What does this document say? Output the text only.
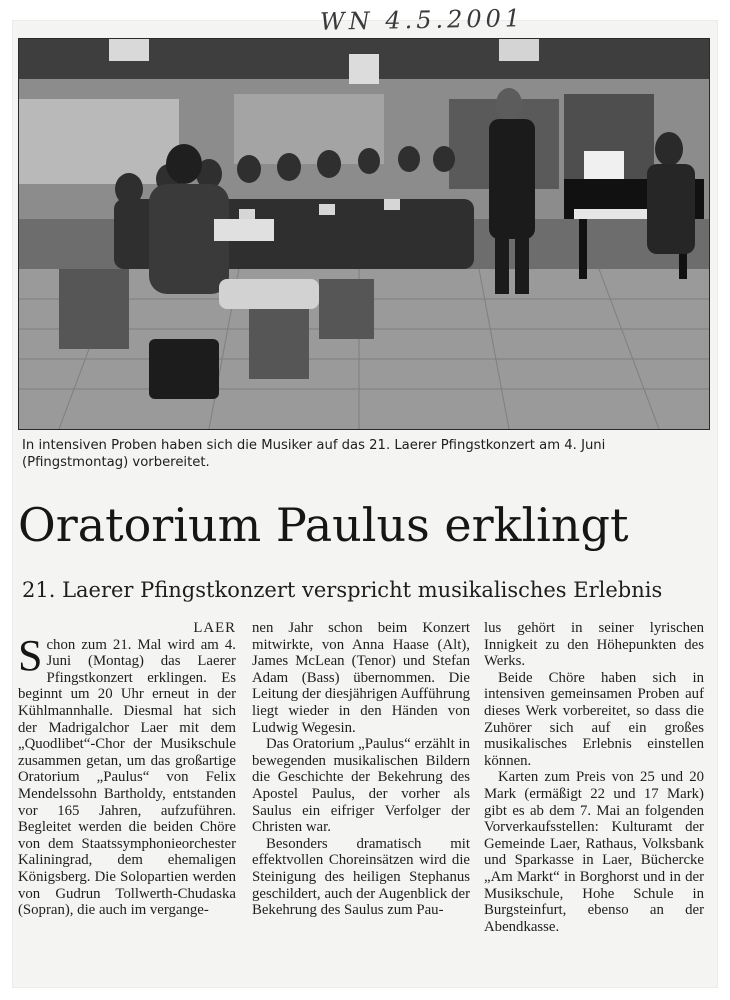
WN 4.5.2001

In intensiven Proben haben sich die Musiker auf das 21. Laerer Pfingstkonzert am 4. Juni (Pfingstmontag) vorbereitet.

Oratorium Paulus erklingt
21. Laerer Pfingstkonzert verspricht musikalisches Erlebnis
LAER
S chon zum 21. Mal wird am 4. Juni (Montag) das Laerer Pfingstkonzert erklingen. Es beginnt um 20 Uhr erneut in der Kühlmannhalle. Diesmal hat sich der Madrigalchor Laer mit dem „Quodlibet“-Chor der Musikschule zusammen getan, um das großartige Oratorium „Paulus“ von Felix Mendelssohn Bartholdy, entstanden vor 165 Jahren, aufzuführen. Begleitet werden die beiden Chöre von dem Staatssymphonieorchester Kaliningrad, dem ehemaligen Königsberg. Die Solopartien werden von Gudrun Tollwerth-Chudaska (Sopran), die auch im vergange-

nen Jahr schon beim Konzert mitwirkte, von Anna Haase (Alt), James McLean (Tenor) und Stefan Adam (Bass) übernommen. Die Leitung der diesjährigen Aufführung liegt wieder in den Händen von Ludwig Wegesin.

Das Oratorium „Paulus“ erzählt in bewegenden musikalischen Bildern die Geschichte der Bekehrung des Apostel Paulus, der vorher als Saulus ein eifriger Verfolger der Christen war.

Besonders dramatisch mit effektvollen Choreinsätzen wird die Steinigung des heiligen Stephanus geschildert, auch der Augenblick der Bekehrung des Saulus zum Pau-

lus gehört in seiner lyrischen Innigkeit zu den Höhepunkten des Werks.

Beide Chöre haben sich in intensiven gemeinsamen Proben auf dieses Werk vorbereitet, so dass die Zuhörer sich auf ein großes musikalisches Erlebnis einstellen können.

Karten zum Preis von 25 und 20 Mark (ermäßigt 22 und 17 Mark) gibt es ab dem 7. Mai an folgenden Vorverkaufsstellen: Kulturamt der Gemeinde Laer, Rathaus, Volksbank und Sparkasse in Laer, Büchercke „Am Markt“ in Borghorst und in der Musikschule, Hohe Schule in Burgsteinfurt, ebenso an der Abendkasse.
